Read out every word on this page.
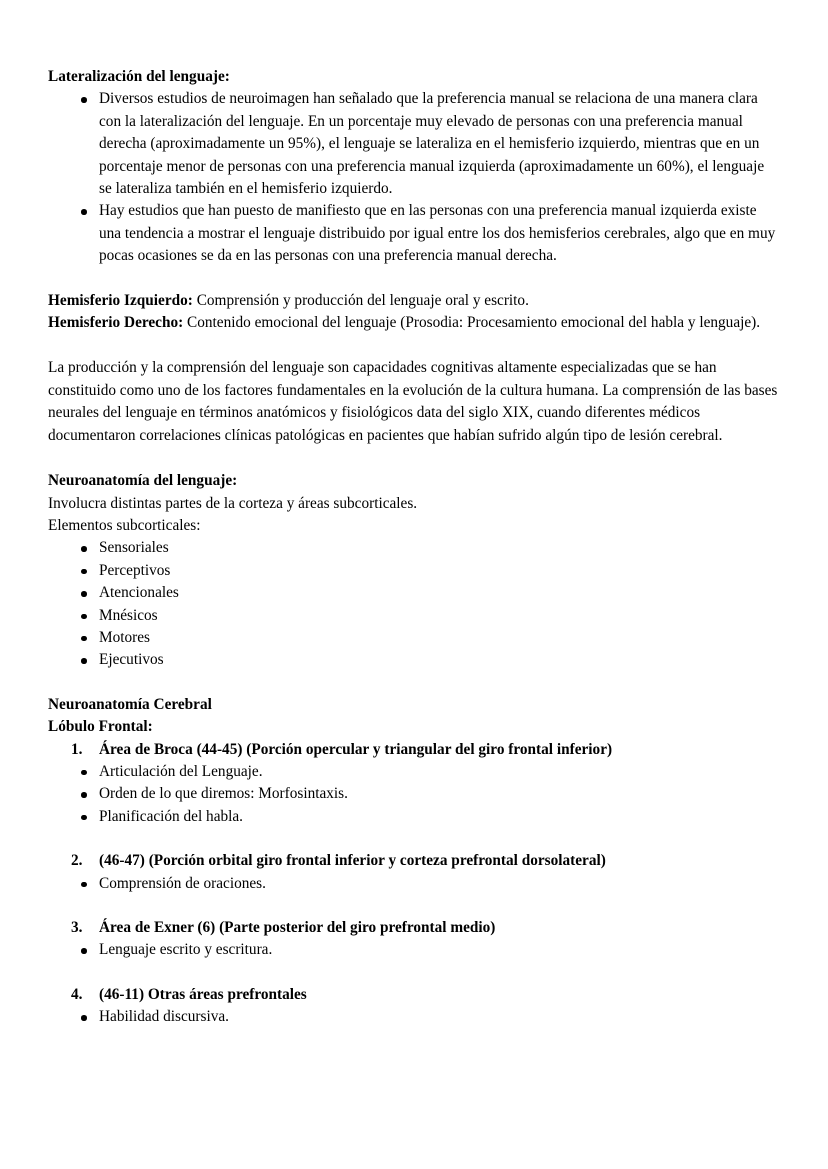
Lateralización del lenguaje:

Diversos estudios de neuroimagen han señalado que la preferencia manual se relaciona de una manera clara con la lateralización del lenguaje. En un porcentaje muy elevado de personas con una preferencia manual derecha (aproximadamente un 95%), el lenguaje se lateraliza en el hemisferio izquierdo, mientras que en un porcentaje menor de personas con una preferencia manual izquierda (aproximadamente un 60%), el lenguaje se lateraliza también en el hemisferio izquierdo.
Hay estudios que han puesto de manifiesto que en las personas con una preferencia manual izquierda existe una tendencia a mostrar el lenguaje distribuido por igual entre los dos hemisferios cerebrales, algo que en muy pocas ocasiones se da en las personas con una preferencia manual derecha.

Hemisferio Izquierdo: Comprensión y producción del lenguaje oral y escrito.

Hemisferio Derecho: Contenido emocional del lenguaje (Prosodia: Procesamiento emocional del habla y lenguaje).

La producción y la comprensión del lenguaje son capacidades cognitivas altamente especializadas que se han constituido como uno de los factores fundamentales en la evolución de la cultura humana. La comprensión de las bases neurales del lenguaje en términos anatómicos y fisiológicos data del siglo XIX, cuando diferentes médicos documentaron correlaciones clínicas patológicas en pacientes que habían sufrido algún tipo de lesión cerebral.

Neuroanatomía del lenguaje:

Involucra distintas partes de la corteza y áreas subcorticales.

Elementos subcorticales:

Sensoriales
Perceptivos
Atencionales
Mnésicos
Motores
Ejecutivos

Neuroanatomía Cerebral

Lóbulo Frontal:

1. Área de Broca (44-45) (Porción opercular y triangular del giro frontal inferior)
Articulación del Lenguaje.
Orden de lo que diremos: Morfosintaxis.
Planificación del habla.
2. (46-47) (Porción orbital giro frontal inferior y corteza prefrontal dorsolateral)
Comprensión de oraciones.
3. Área de Exner (6) (Parte posterior del giro prefrontal medio)
Lenguaje escrito y escritura.
4. (46-11) Otras áreas prefrontales
Habilidad discursiva.
